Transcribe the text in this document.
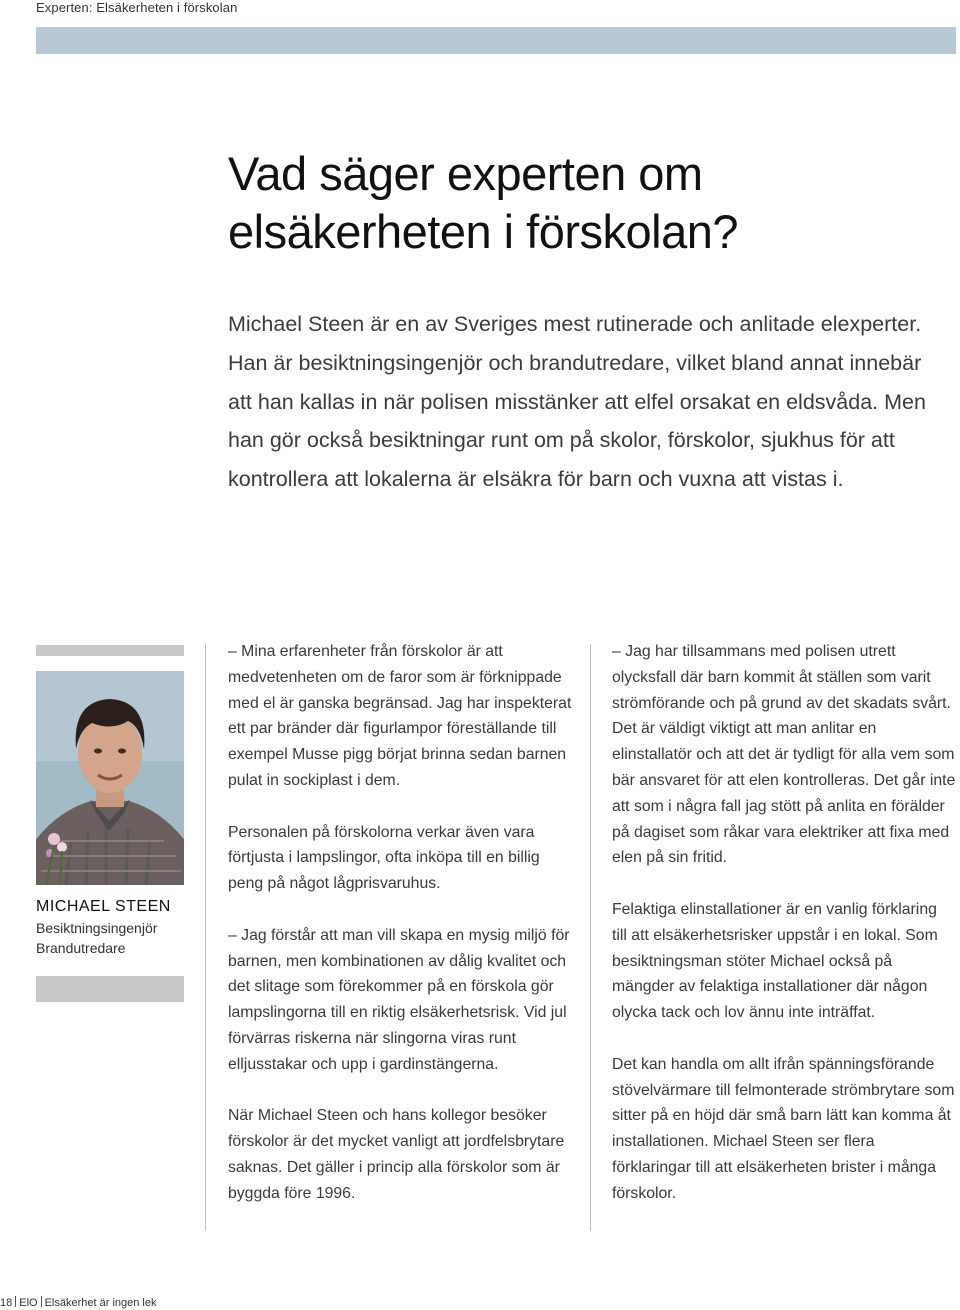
Experten: Elsäkerheten i förskolan
Vad säger experten om elsäkerheten i förskolan?

Michael Steen är en av Sveriges mest rutinerade och anlitade elexperter. Han är besiktningsingenjör och brandutredare, vilket bland annat innebär att han kallas in när polisen misstänker att elfel orsakat en eldsvåda. Men han gör också besiktningar runt om på skolor, förskolor, sjukhus för att kontrollera att lokalerna är elsäkra för barn och vuxna att vistas i.

MICHAEL STEEN
Besiktningsingenjör
Brandutredare

– Mina erfarenheter från förskolor är att medvetenheten om de faror som är förknippade med el är ganska begränsad. Jag har inspekterat ett par bränder där figurlampor föreställande till exempel Musse pigg börjat brinna sedan barnen pulat in sockiplast i dem.

Personalen på förskolorna verkar även vara förtjusta i lampslingor, ofta inköpa till en billig peng på något lågprisvaruhus.

– Jag förstår att man vill skapa en mysig miljö för barnen, men kombinationen av dålig kvalitet och det slitage som förekommer på en förskola gör lampslingorna till en riktig elsäkerhetsrisk. Vid jul förvärras riskerna när slingorna viras runt elljusstakar och upp i gardinstängerna.

När Michael Steen och hans kollegor besöker förskolor är det mycket vanligt att jordfelsbrytare saknas. Det gäller i princip alla förskolor som är byggda före 1996.

– Jag har tillsammans med polisen utrett olycksfall där barn kommit åt ställen som varit strömförande och på grund av det skadats svårt. Det är väldigt viktigt att man anlitar en elinstallatör och att det är tydligt för alla vem som bär ansvaret för att elen kontrolleras. Det går inte att som i några fall jag stött på anlita en förälder på dagiset som råkar vara elektriker att fixa med elen på sin fritid.

Felaktiga elinstallationer är en vanlig förklaring till att elsäkerhetsrisker uppstår i en lokal. Som besiktningsman stöter Michael också på mängder av felaktiga installationer där någon olycka tack och lov ännu inte inträffat.

Det kan handla om allt ifrån spänningsförande stövelvärmare till felmonterade strömbrytare som sitter på en höjd där små barn lätt kan komma åt installationen. Michael Steen ser flera förklaringar till att elsäkerheten brister i många förskolor.

18 ElO Elsäkerhet är ingen lek
